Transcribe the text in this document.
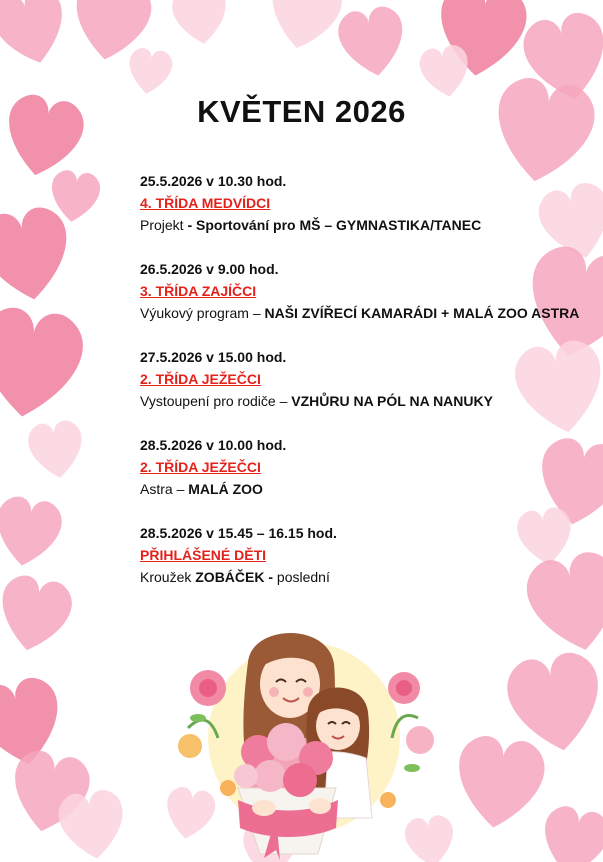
KVĚTEN 2026
25.5.2026 v 10.30 hod.
4. TŘÍDA MEDVÍDCI
Projekt - Sportování pro MŠ – GYMNASTIKA/TANEC
26.5.2026 v 9.00 hod.
3. TŘÍDA ZAJÍČCI
Výukový program – NAŠI ZVÍŘECÍ KAMARÁDI + MALÁ ZOO ASTRA
27.5.2026 v 15.00 hod.
2. TŘÍDA JEŽEČCI
Vystoupení pro rodiče – VZHŮRU NA PÓL NA NANUKY
28.5.2026 v 10.00 hod.
2. TŘÍDA JEŽEČCI
Astra – MALÁ ZOO
28.5.2026 v 15.45 – 16.15 hod.
PŘIHLÁŠENÉ DĚTI
Kroužek ZOBÁČEK - poslední
